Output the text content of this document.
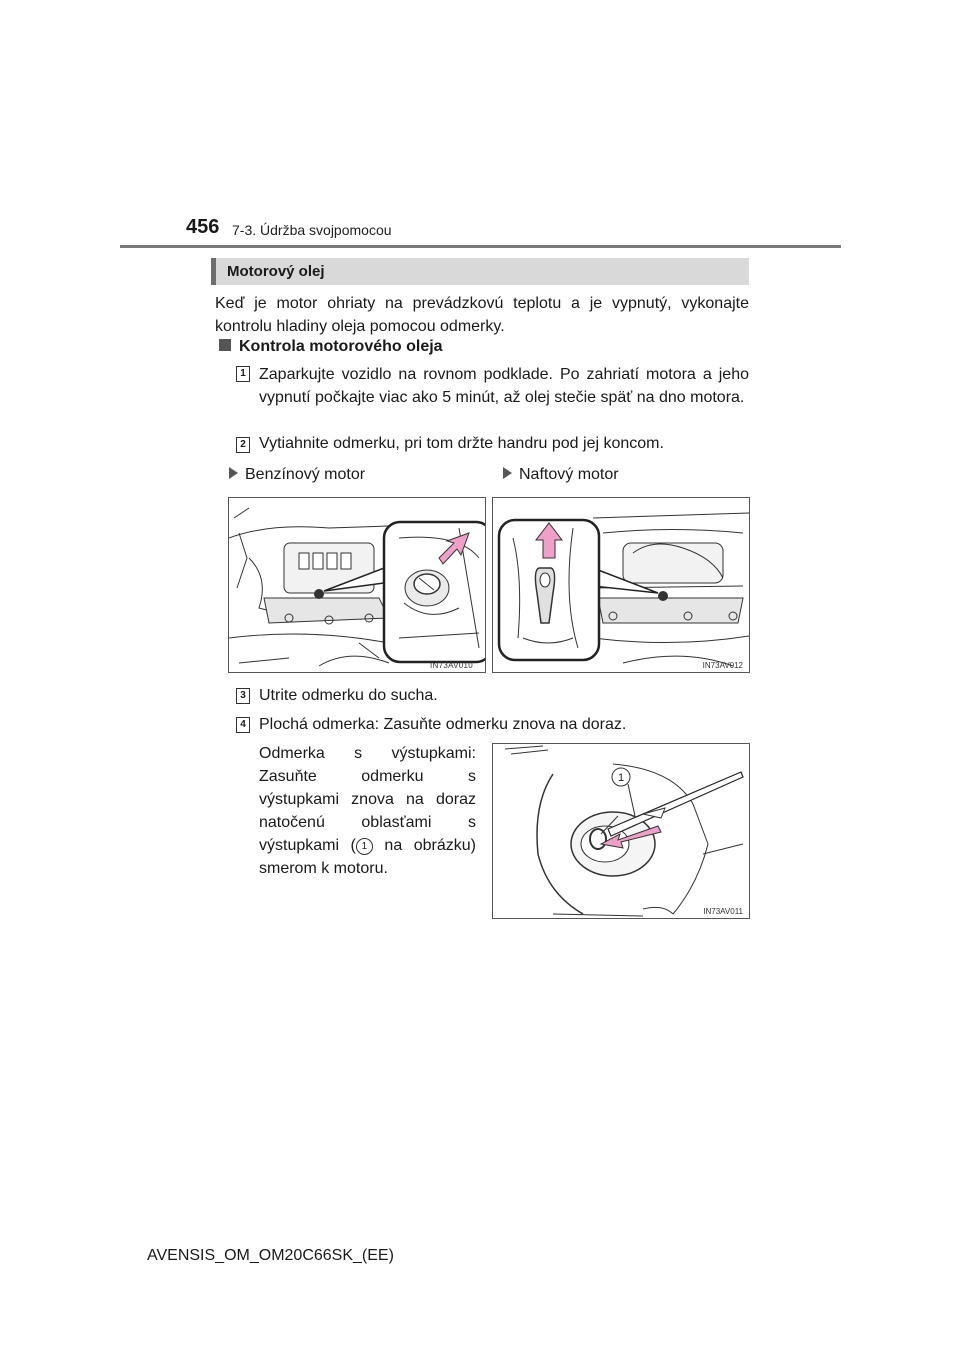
456 7-3. Údržba svojpomocou
Motorový olej
Keď je motor ohriaty na prevádzkovú teplotu a je vypnutý, vykonajte kontrolu hladiny oleja pomocou odmerky.
Kontrola motorového oleja
1 Zaparkujte vozidlo na rovnom podklade. Po zahriatí motora a jeho vypnutí počkajte viac ako 5 minút, až olej stečie späť na dno motora.
2 Vytiahnite odmerku, pri tom držte handru pod jej koncom.
Benzínový motor	Naftový motor
IN73AV010	IN73AV012
3 Utrite odmerku do sucha.
4 Plochá odmerka: Zasuňte odmerku znova na doraz.
Odmerka s výstupkami: Zasuňte odmerku s výstupkami znova na doraz natočenú oblasťami s výstupkami ( 1 na obrázku) smerom k motoru.
1
IN73AV011
AVENSIS_OM_OM20C66SK_(EE)
